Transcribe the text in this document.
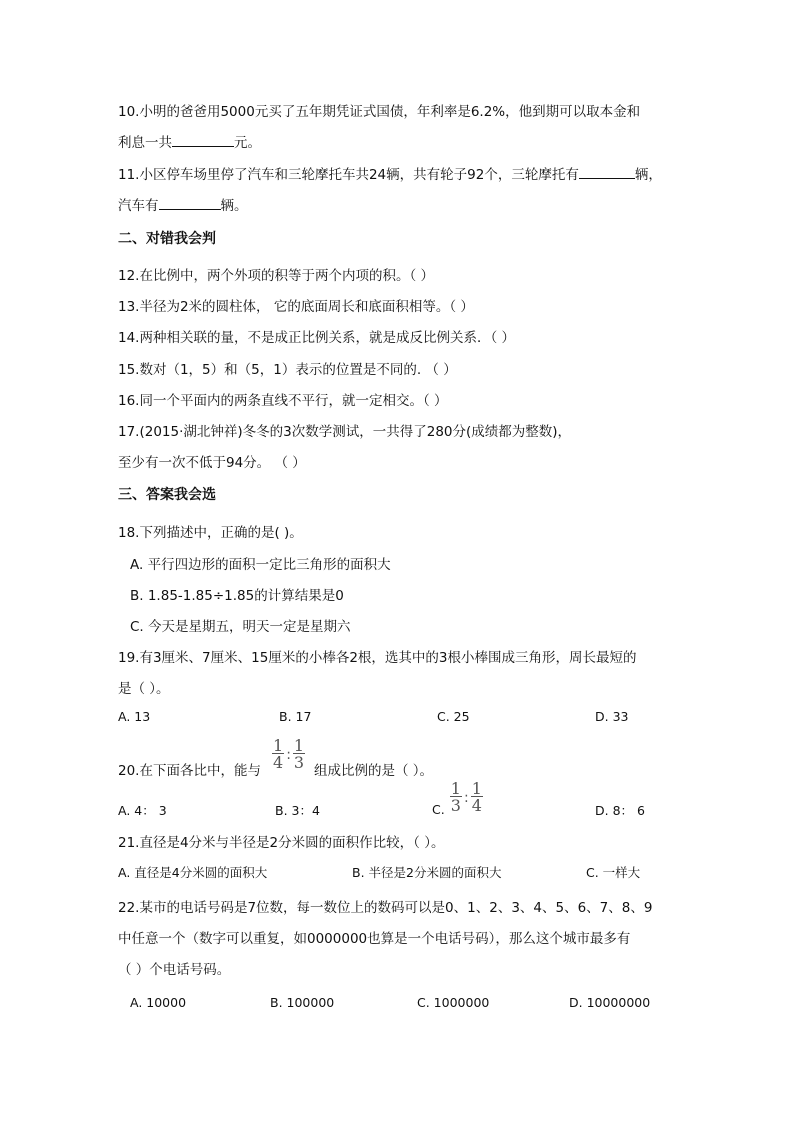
10.小明的爸爸用5000元买了五年期凭证式国债，年利率是6.2%，他到期可以取本金和
利息一共	元。
11.小区停车场里停了汽车和三轮摩托车共24辆，共有轮子92个，三轮摩托有	辆，
汽车有	辆。
二、对错我会判
12.在比例中，两个外项的积等于两个内项的积。（ ）
13.半径为2米的圆柱体， 它的底面周长和底面积相等。（ ）
14.两种相关联的量，不是成正比例关系，就是成反比例关系．（ ）
15.数对（1，5）和（5，1）表示的位置是不同的. （ ）
16.同一个平面内的两条直线不平行，就一定相交。（ ）
17.(2015·湖北钟祥)冬冬的3次数学测试，一共得了280分(成绩都为整数)，
至少有一次不低于94分。 （ ）
三、答案我会选
18.下列描述中，正确的是( )。
A. 平行四边形的面积一定比三角形的面积大
B. 1.85-1.85÷1.85的计算结果是0
C. 今天是星期五，明天一定是星期六
19.有3厘米、7厘米、15厘米的小棒各2根，选其中的3根小棒围成三角形，周长最短的
是（ ）。
A. 13	B. 17	C. 25	D. 33
20.在下面各比中，能与 $\frac{1}{4}$ : $\frac{1}{3}$ 组成比例的是（ ）。
A. 4： 3	B. 3：4	$_{C.} \frac{1}{3}$ : $\frac{1}{4}$	D. 8： 6
21.直径是4分米与半径是2分米圆的面积作比较，（ ）。
A. 直径是4分米圆的面积大	B. 半径是2分米圆的面积大	C. 一样大
22.某市的电话号码是7位数，每一数位上的数码可以是0、1、2、3、4、5、6、7、8、9
中任意一个（数字可以重复，如0000000也算是一个电话号码），那么这个城市最多有
（ ）个电话号码。
A. 10000	B. 100000	C. 1000000	D. 10000000
